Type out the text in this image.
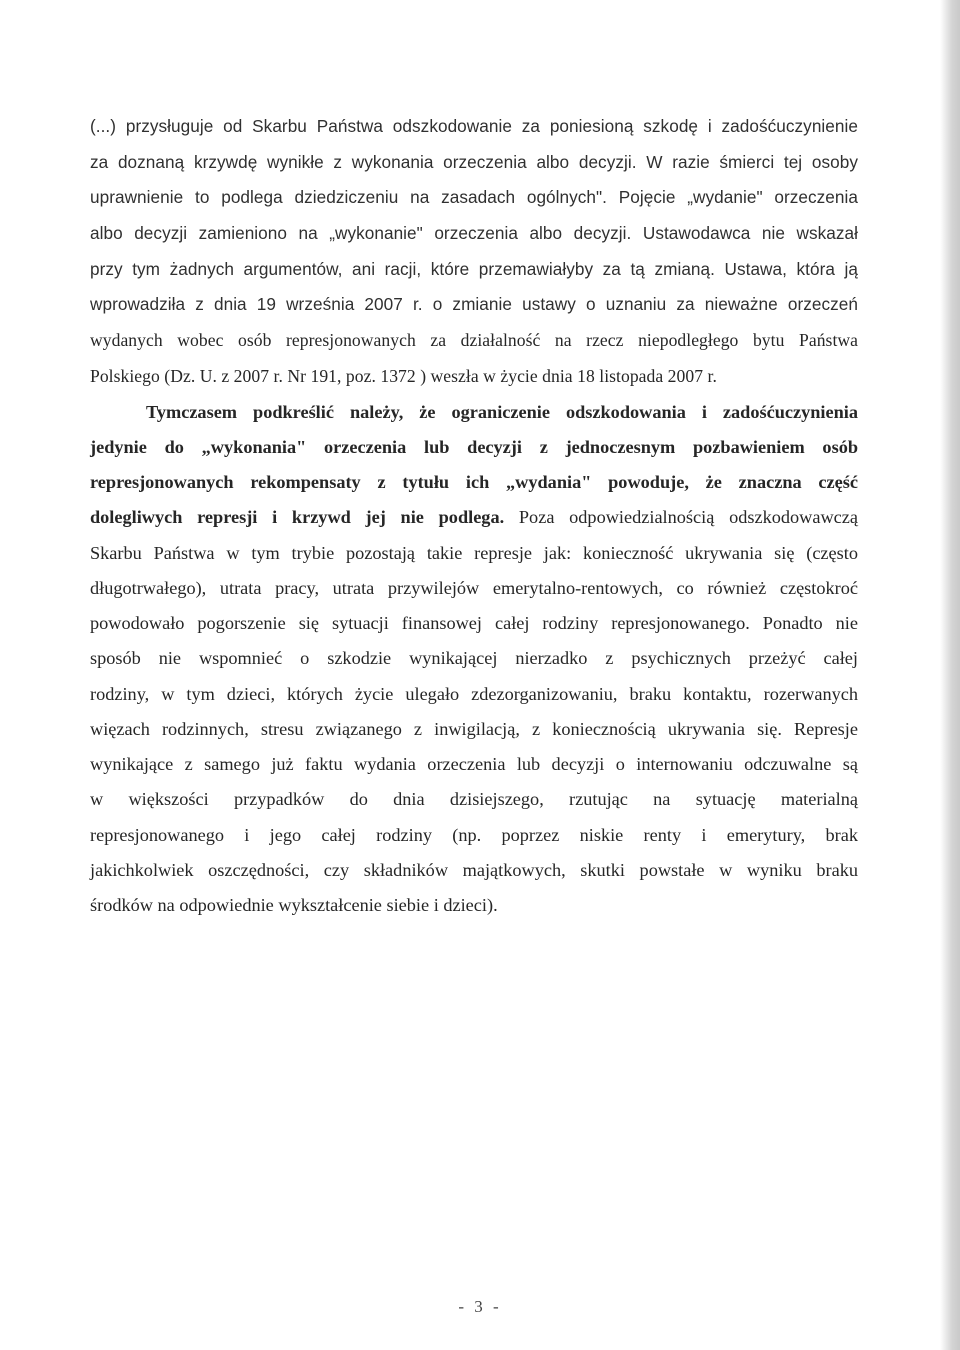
(...) przysługuje od Skarbu Państwa odszkodowanie za poniesioną szkodę i zadośćuczynienie
za doznaną krzywdę wynikłe z wykonania orzeczenia albo decyzji. W razie śmierci tej osoby
uprawnienie to podlega dziedziczeniu na zasadach ogólnych". Pojęcie „wydanie" orzeczenia
albo decyzji zamieniono na „wykonanie" orzeczenia albo decyzji. Ustawodawca nie wskazał
przy tym żadnych argumentów, ani racji, które przemawiałyby za tą zmianą. Ustawa, która ją
wprowadziła z dnia 19 września 2007 r. o zmianie ustawy o uznaniu za nieważne orzeczeń
wydanych wobec osób represjonowanych za działalność na rzecz niepodległego bytu Państwa
Polskiego (Dz. U. z 2007 r. Nr 191, poz. 1372 ) weszła w życie dnia 18 listopada 2007 r.
Tymczasem podkreślić należy, że ograniczenie odszkodowania i zadośćuczynienia
jedynie do „wykonania" orzeczenia lub decyzji z jednoczesnym pozbawieniem osób
represjonowanych rekompensaty z tytułu ich „wydania" powoduje, że znaczna część
dolegliwych represji i krzywd jej nie podlega. Poza odpowiedzialnością odszkodowawczą
Skarbu Państwa w tym trybie pozostają takie represje jak: konieczność ukrywania się (często
długotrwałego), utrata pracy, utrata przywilejów emerytalno-rentowych, co również częstokroć
powodowało pogorszenie się sytuacji finansowej całej rodziny represjonowanego. Ponadto nie
sposób nie wspomnieć o szkodzie wynikającej nierzadko z psychicznych przeżyć całej
rodziny, w tym dzieci, których życie ulegało zdezorganizowaniu, braku kontaktu, rozerwanych
więzach rodzinnych, stresu związanego z inwigilacją, z koniecznością ukrywania się. Represje
wynikające z samego już faktu wydania orzeczenia lub decyzji o internowaniu odczuwalne są
w większości przypadków do dnia dzisiejszego, rzutując na sytuację materialną
represjonowanego i jego całej rodziny (np. poprzez niskie renty i emerytury, brak
jakichkolwiek oszczędności, czy składników majątkowych, skutki powstałe w wyniku braku
środków na odpowiednie wykształcenie siebie i dzieci).
- 3 -
